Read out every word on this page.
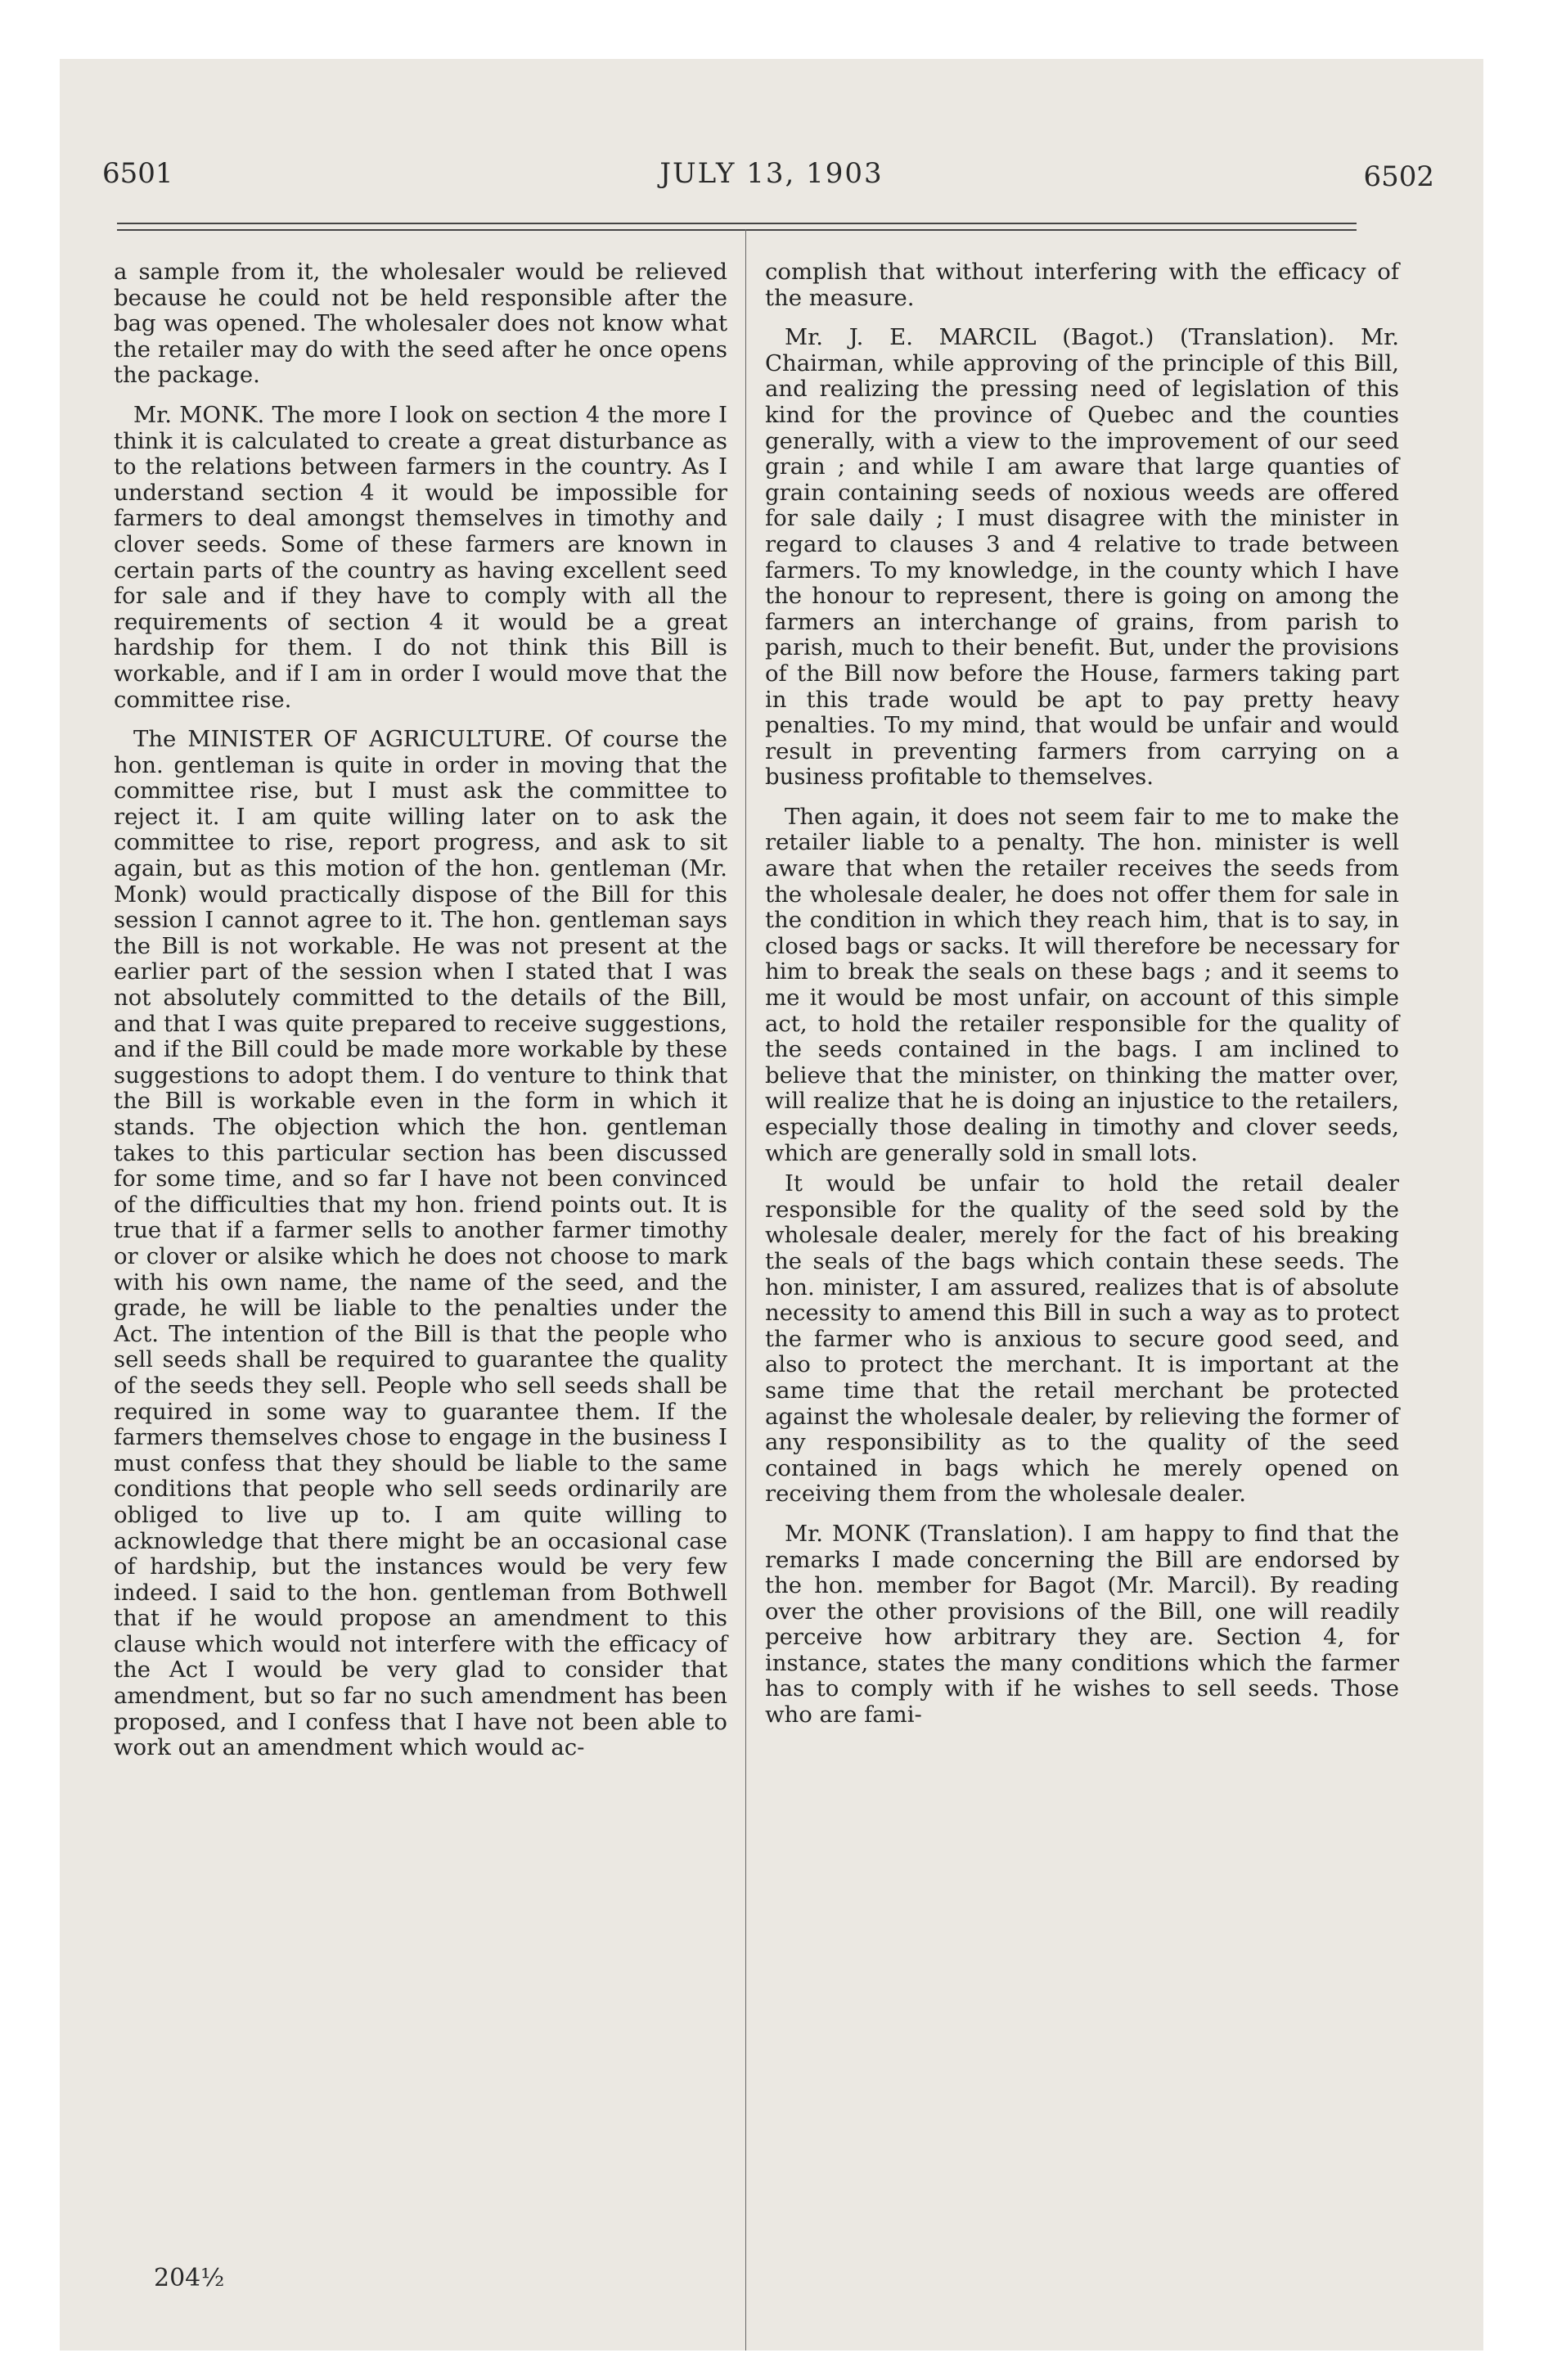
6501	JULY 13, 1903	6502

a sample from it, the wholesaler would be relieved because he could not be held responsible after the bag was opened. The wholesaler does not know what the retailer may do with the seed after he once opens the package.

Mr. MONK. The more I look on section 4 the more I think it is calculated to create a great disturbance as to the relations between farmers in the country. As I understand section 4 it would be impossible for farmers to deal amongst themselves in timothy and clover seeds. Some of these farmers are known in certain parts of the country as having excellent seed for sale and if they have to comply with all the requirements of section 4 it would be a great hardship for them. I do not think this Bill is workable, and if I am in order I would move that the committee rise.

The MINISTER OF AGRICULTURE. Of course the hon. gentleman is quite in order in moving that the committee rise, but I must ask the committee to reject it. I am quite willing later on to ask the committee to rise, report progress, and ask to sit again, but as this motion of the hon. gentleman (Mr. Monk) would practically dispose of the Bill for this session I cannot agree to it. The hon. gentleman says the Bill is not workable. He was not present at the earlier part of the session when I stated that I was not absolutely committed to the details of the Bill, and that I was quite prepared to receive suggestions, and if the Bill could be made more workable by these suggestions to adopt them. I do venture to think that the Bill is workable even in the form in which it stands. The objection which the hon. gentleman takes to this particular section has been discussed for some time, and so far I have not been convinced of the difficulties that my hon. friend points out. It is true that if a farmer sells to another farmer timothy or clover or alsike which he does not choose to mark with his own name, the name of the seed, and the grade, he will be liable to the penalties under the Act. The intention of the Bill is that the people who sell seeds shall be required to guarantee the quality of the seeds they sell. People who sell seeds shall be required in some way to guarantee them. If the farmers themselves chose to engage in the business I must confess that they should be liable to the same conditions that people who sell seeds ordinarily are obliged to live up to. I am quite willing to acknowledge that there might be an occasional case of hardship, but the instances would be very few indeed. I said to the hon. gentleman from Bothwell that if he would propose an amendment to this clause which would not interfere with the efficacy of the Act I would be very glad to consider that amendment, but so far no such amendment has been proposed, and I confess that I have not been able to work out an amendment which would ac-

complish that without interfering with the efficacy of the measure.

Mr. J. E. MARCIL (Bagot.) (Translation). Mr. Chairman, while approving of the principle of this Bill, and realizing the pressing need of legislation of this kind for the province of Quebec and the counties generally, with a view to the improvement of our seed grain ; and while I am aware that large quanties of grain containing seeds of noxious weeds are offered for sale daily ; I must disagree with the minister in regard to clauses 3 and 4 relative to trade between farmers. To my knowledge, in the county which I have the honour to represent, there is going on among the farmers an interchange of grains, from parish to parish, much to their benefit. But, under the provisions of the Bill now before the House, farmers taking part in this trade would be apt to pay pretty heavy penalties. To my mind, that would be unfair and would result in preventing farmers from carrying on a business profitable to themselves.

Then again, it does not seem fair to me to make the retailer liable to a penalty. The hon. minister is well aware that when the retailer receives the seeds from the wholesale dealer, he does not offer them for sale in the condition in which they reach him, that is to say, in closed bags or sacks. It will therefore be necessary for him to break the seals on these bags ; and it seems to me it would be most unfair, on account of this simple act, to hold the retailer responsible for the quality of the seeds contained in the bags. I am inclined to believe that the minister, on thinking the matter over, will realize that he is doing an injustice to the retailers, especially those dealing in timothy and clover seeds, which are generally sold in small lots.

It would be unfair to hold the retail dealer responsible for the quality of the seed sold by the wholesale dealer, merely for the fact of his breaking the seals of the bags which contain these seeds. The hon. minister, I am assured, realizes that is of absolute necessity to amend this Bill in such a way as to protect the farmer who is anxious to secure good seed, and also to protect the merchant. It is important at the same time that the retail merchant be protected against the wholesale dealer, by relieving the former of any responsibility as to the quality of the seed contained in bags which he merely opened on receiving them from the wholesale dealer.

Mr. MONK (Translation). I am happy to find that the remarks I made concerning the Bill are endorsed by the hon. member for Bagot (Mr. Marcil). By reading over the other provisions of the Bill, one will readily perceive how arbitrary they are. Section 4, for instance, states the many conditions which the farmer has to comply with if he wishes to sell seeds. Those who are fami-

204½
